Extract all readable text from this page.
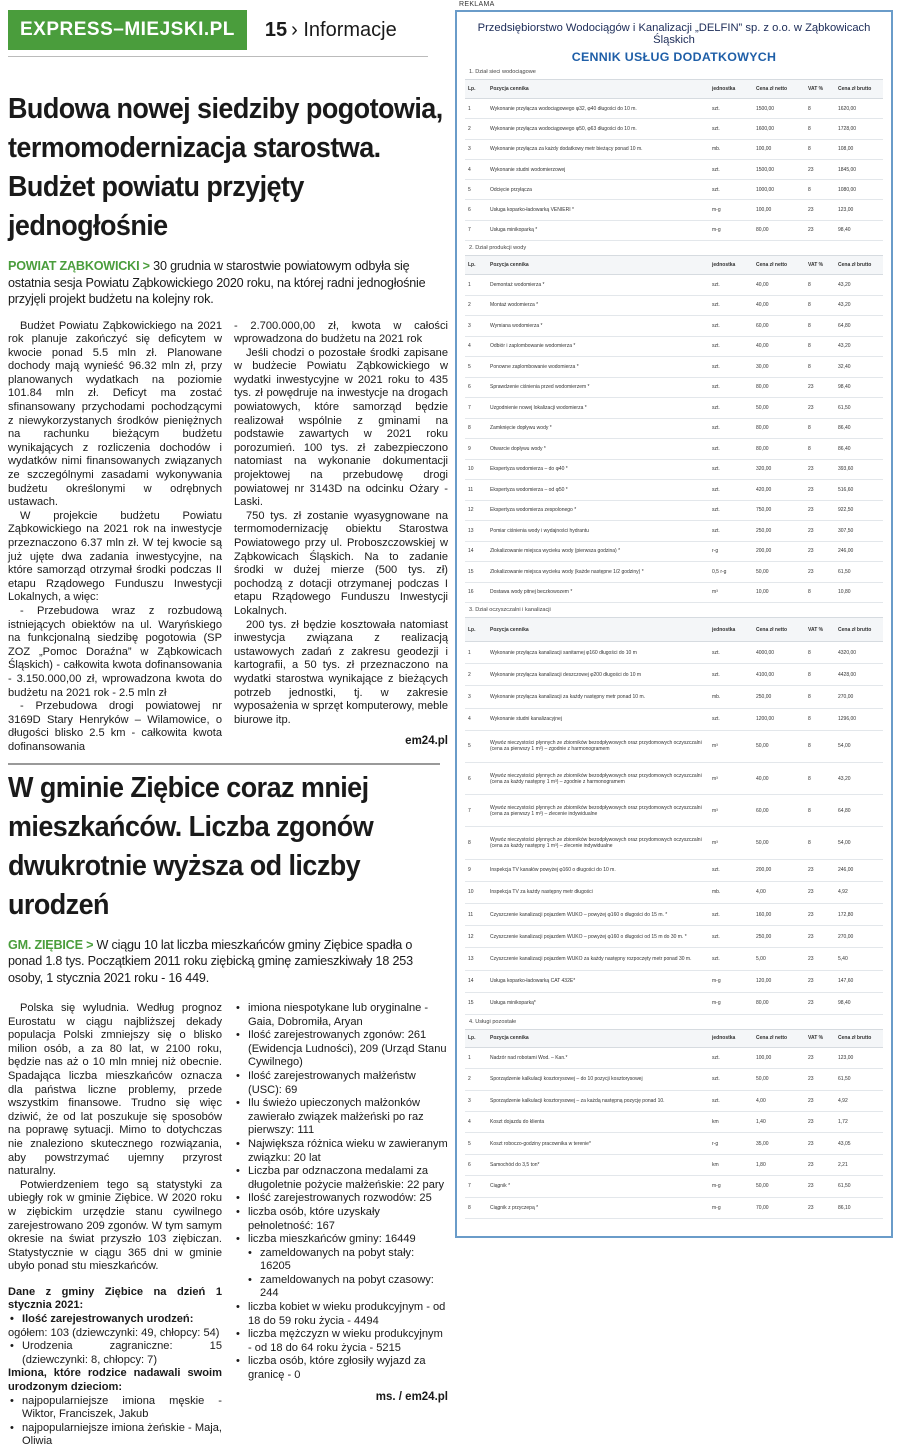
EXPRESS–MIEJSKI.PL	15 › Informacje
Budowa nowej siedziby pogotowia,
termomodernizacja starostwa.
Budżet powiatu przyjęty jednogłośnie

POWIAT ZĄBKOWICKI > 30 grudnia w starostwie powiatowym odbyła się ostatnia sesja Powiatu Ząbkowickiego 2020 roku, na której radni jednogłośnie przyjęli projekt budżetu na kolejny rok.

Budżet Powiatu Ząbkowickiego na 2021 rok planuje zakończyć się deficytem w kwocie ponad 5.5 mln zł. Planowane dochody mają wynieść 96.32 mln zł, przy planowanych wydatkach na poziomie 101.84 mln zł. Deficyt ma zostać sfinansowany przychodami pochodzącymi z niewykorzystanych środków pieniężnych na rachunku bieżącym budżetu wynikających z rozliczenia dochodów i wydatków nimi finansowanych związanych ze szczególnymi zasadami wykonywania budżetu określonymi w odrębnych ustawach.

W projekcie budżetu Powiatu Ząbkowickiego na 2021 rok na inwestycje przeznaczono 6.37 mln zł. W tej kwocie są już ujęte dwa zadania inwestycyjne, na które samorząd otrzymał środki podczas II etapu Rządowego Funduszu Inwestycji Lokalnych, a więc:

- Przebudowa wraz z rozbudową istniejących obiektów na ul. Waryńskiego na funkcjonalną siedzibę pogotowia (SP ZOZ „Pomoc Doraźna” w Ząbkowicach Śląskich) - całkowita kwota dofinansowania - 3.150.000,00 zł, wprowadzona kwota do budżetu na 2021 rok - 2.5 mln zł

- Przebudowa drogi powiatowej nr 3169D Stary Henryków – Wilamowice, o długości blisko 2.5 km - całkowita kwota dofinansowania

- 2.700.000,00 zł, kwota w całości wprowadzona do budżetu na 2021 rok

Jeśli chodzi o pozostałe środki zapisane w budżecie Powiatu Ząbkowickiego w wydatki inwestycyjne w 2021 roku to 435 tys. zł powędruje na inwestycje na drogach powiatowych, które samorząd będzie realizował wspólnie z gminami na podstawie zawartych w 2021 roku porozumień. 100 tys. zł zabezpieczono natomiast na wykonanie dokumentacji projektowej na przebudowę drogi powiatowej nr 3143D na odcinku Ożary - Laski.

750 tys. zł zostanie wyasygnowane na termomodernizację obiektu Starostwa Powiatowego przy ul. Proboszczowskiej w Ząbkowicach Śląskich. Na to zadanie środki w dużej mierze (500 tys. zł) pochodzą z dotacji otrzymanej podczas I etapu Rządowego Funduszu Inwestycji Lokalnych.

200 tys. zł będzie kosztowała natomiast inwestycja związana z realizacją ustawowych zadań z zakresu geodezji i kartografii, a 50 tys. zł przeznaczono na wydatki starostwa wynikające z bieżących potrzeb jednostki, tj. w zakresie wyposażenia w sprzęt komputerowy, meble biurowe itp.

em24.pl
W gminie Ziębice coraz mniej
mieszkańców. Liczba zgonów
dwukrotnie wyższa od liczby urodzeń

GM. ZIĘBICE > W ciągu 10 lat liczba mieszkańców gminy Ziębice spadła o ponad 1.8 tys. Początkiem 2011 roku ziębicką gminę zamieszkiwały 18 253 osoby, 1 stycznia 2021 roku - 16 449.

Polska się wyludnia. Według prognoz Eurostatu w ciągu najbliższej dekady populacja Polski zmniejszy się o blisko milion osób, a za 80 lat, w 2100 roku, będzie nas aż o 10 mln mniej niż obecnie. Spadająca liczba mieszkańców oznacza dla państwa liczne problemy, przede wszystkim finansowe. Trudno się więc dziwić, że od lat poszukuje się sposobów na poprawę sytuacji. Mimo to dotychczas nie znaleziono skutecznego rozwiązania, aby powstrzymać ujemny przyrost naturalny.

Potwierdzeniem tego są statystyki za ubiegły rok w gminie Ziębice. W 2020 roku w ziębickim urzędzie stanu cywilnego zarejestrowano 209 zgonów. W tym samym okresie na świat przyszło 103 ziębiczan. Statystycznie w ciągu 365 dni w gminie ubyło ponad stu mieszkańców.

Dane z gminy Ziębice na dzień 1 stycznia 2021:

• Ilość zarejestrowanych urodzeń:

ogółem: 103 (dziewczynki: 49, chłopcy: 54)

• Urodzenia zagraniczne: 15 (dziewczynki: 8, chłopcy: 7)

Imiona, które rodzice nadawali swoim urodzonym dzieciom:

• najpopularniejsze imiona męskie - Wiktor, Franciszek, Jakub
• najpopularniejsze imiona żeńskie - Maja, Oliwia
• imiona niespotykane lub oryginalne - Gaia, Dobromiła, Aryan
• Ilość zarejestrowanych zgonów: 261 (Ewidencja Ludności), 209 (Urząd Stanu Cywilnego)
• Ilość zarejestrowanych małżeństw (USC): 69
• Ilu świeżo upieczonych małżonków zawierało związek małżeński po raz pierwszy: 111
• Największa różnica wieku w zawieranym związku: 20 lat
• Liczba par odznaczona medalami za długoletnie pożycie małżeńskie: 22 pary
• Ilość zarejestrowanych rozwodów: 25
• liczba osób, które uzyskały pełnoletność: 167
• liczba mieszkańców gminy: 16449
• zameldowanych na pobyt stały: 16205
• zameldowanych na pobyt czasowy: 244
• liczba kobiet w wieku produkcyjnym - od 18 do 59 roku życia - 4494
• liczba mężczyzn w wieku produkcyjnym - od 18 do 64 roku życia - 5215
• liczba osób, które zgłosiły wyjazd za granicę - 0
ms. / em24.pl
REKLAMA
Przedsiębiorstwo Wodociągów i Kanalizacji „DELFIN” sp. z o.o. w Ząbkowicach Śląskich
CENNIK USŁUG DODATKOWYCH
1. Dział sieci wodociągowe
Lp.	Pozycja cennika	jednostka	Cena zł netto	VAT %	Cena zł brutto
1	Wykonanie przyłącza wodociągowego φ32, φ40 długości do 10 m.	szt.	1500,00	8	1620,00
2	Wykonanie przyłącza wodociągowego φ50, φ63 długości do 10 m.	szt.	1600,00	8	1728,00
3	Wykonanie przyłącza za każdy dodatkowy metr bieżący ponad 10 m.	mb.	100,00	8	108,00
4	Wykonanie studni wodomierzowej	szt.	1500,00	23	1845,00
5	Odcięcie przyłącza	szt.	1000,00	8	1080,00
6	Usługa koparko-ładowarką VENIERI *	m-g	100,00	23	123,00
7	Usługa minikoparką *	m-g	80,00	23	98,40
2. Dział produkcji wody
Lp.	Pozycja cennika	jednostka	Cena zł netto	VAT %	Cena zł brutto
1	Demontaż wodomierza *	szt.	40,00	8	43,20
2	Montaż wodomierza *	szt.	40,00	8	43,20
3	Wymiana wodomierza *	szt.	60,00	8	64,80
4	Odbiór i zaplombowanie wodomierza *	szt.	40,00	8	43,20
5	Ponowne zaplombowanie wodomierza *	szt.	30,00	8	32,40
6	Sprawdzenie ciśnienia przed wodomierzem *	szt.	80,00	23	98,40
7	Uzgodnienie nowej lokalizacji wodomierza *	szt.	50,00	23	61,50
8	Zamknięcie dopływu wody *	szt.	80,00	8	86,40
9	Otwarcie dopływu wody *	szt.	80,00	8	86,40
10	Ekspertyza wodomierza – do φ40 *	szt.	320,00	23	393,60
11	Ekspertyza wodomierza – od φ50 *	szt.	420,00	23	516,60
12	Ekspertyza wodomierza zespolonego *	szt.	750,00	23	922,50
13	Pomiar ciśnienia wody i wydajności hydrantu	szt.	250,00	23	307,50
14	Zlokalizowanie miejsca wycieku wody (pierwsza godzina) *	r-g	200,00	23	246,00
15	Zlokalizowanie miejsca wycieku wody (każde następne 1/2 godziny) *	0,5 r-g	50,00	23	61,50
16	Dostawa wody pitnej beczkowozem *	m³	10,00	8	10,80
3. Dział oczyszczalni i kanalizacji
Lp.	Pozycja cennika	jednostka	Cena zł netto	VAT %	Cena zł brutto
1	Wykonanie przyłącza kanalizacji sanitarnej φ160 długości do 10 m	szt.	4000,00	8	4320,00
2	Wykonanie przyłącza kanalizacji deszczowej φ200 długości do 10 m	szt.	4100,00	8	4428,00
3	Wykonanie przyłącza kanalizacji za każdy następny metr ponad 10 m.	mb.	250,00	8	270,00
4	Wykonanie studni kanalizacyjnej	szt.	1200,00	8	1296,00
5	Wywóz nieczystości płynnych ze zbiorników bezodpływowych oraz przydomowych oczyszczalni (cena za pierwszy 1 m³) – zgodnie z harmonogramem	m³	50,00	8	54,00
6	Wywóz nieczystości płynnych ze zbiorników bezodpływowych oraz przydomowych oczyszczalni (cena za każdy następny 1 m³) – zgodnie z harmonogramem	m³	40,00	8	43,20
7	Wywóz nieczystości płynnych ze zbiorników bezodpływowych oraz przydomowych oczyszczalni (cena za pierwszy 1 m³) – zlecenie indywidualne	m³	60,00	8	64,80
8	Wywóz nieczystości płynnych ze zbiorników bezodpływowych oraz przydomowych oczyszczalni (cena za każdy następny 1 m³) – zlecenie indywidualne	m³	50,00	8	54,00
9	Inspekcja TV kanałów powyżej φ160 o długości do 10 m.	szt.	200,00	23	246,00
10	Inspekcja TV za każdy następny metr długości	mb.	4,00	23	4,92
11	Czyszczenie kanalizacji pojazdem WUKO – powyżej φ160 o długości do 15 m. *	szt.	160,00	23	172,80
12	Czyszczenie kanalizacji pojazdem WUKO – powyżej φ160 o długości od 15 m do 30 m. *	szt.	250,00	23	270,00
13	Czyszczenie kanalizacji pojazdem WUKO za każdy następny rozpoczęty metr ponad 30 m.	szt.	5,00	23	5,40
14	Usługa koparko-ładowarką CAT 432E*	m-g	120,00	23	147,60
15	Usługa minikoparką*	m-g	80,00	23	98,40
4. Usługi pozostałe
Lp.	Pozycja cennika	jednostka	Cena zł netto	VAT %	Cena zł brutto
1	Nadzór nad robotami Wod. – Kan.*	szt.	100,00	23	123,00
2	Sporządzenie kalkulacji kosztorysowej – do 10 pozycji kosztorysowej	szt.	50,00	23	61,50
3	Sporządzenie kalkulacji kosztorysowej – za każdą następną pozycję ponad 10.	szt.	4,00	23	4,92
4	Koszt dojazdu do klienta	km	1,40	23	1,72
5	Koszt roboczo-godziny pracownika w terenie*	r-g	35,00	23	43,05
6	Samochód do 3,5 ton*	km	1,80	23	2,21
7	Ciągnik *	m-g	50,00	23	61,50
8	Ciągnik z przyczepą *	m-g	70,00	23	86,10
